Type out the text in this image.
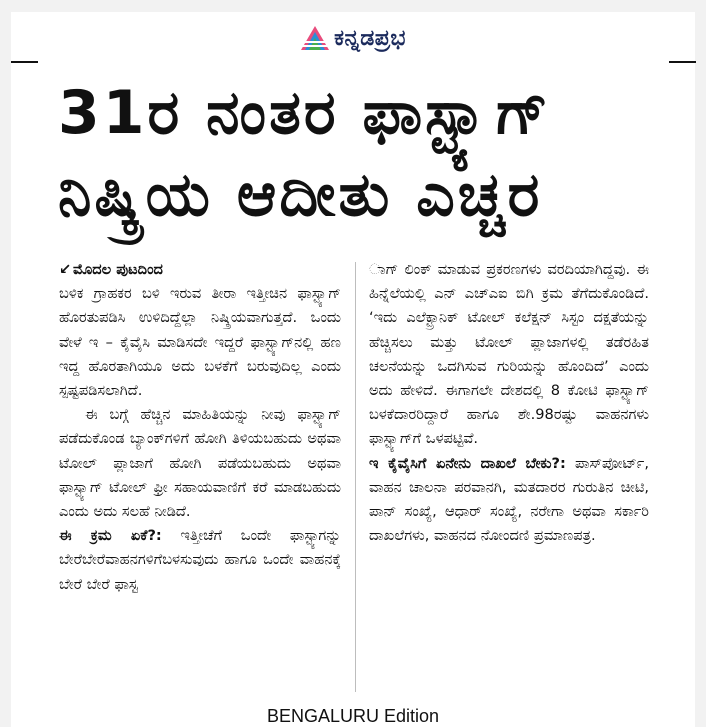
ಕನ್ನಡಪ್ರಭ
31ರ ನಂತರ ಫಾಸ್ಟ್ಯಾಗ್
ನಿಷ್ಕ್ರಿಯ ಆದೀತು ಎಚ್ಚರ

↙ ಮೊದಲ ಪುಟದಿಂದ

ಬಳಿಕ ಗ್ರಾಹಕರ ಬಳಿ ಇರುವ ತೀರಾ ಇತ್ತೀಚಿನ ಫಾಸ್ಟ್ಯಾಗ್ ಹೊರತುಪಡಿಸಿ ಉಳಿದಿದ್ದೆಲ್ಲಾ ನಿಷ್ಕ್ರಿಯವಾಗುತ್ತದೆ. ಒಂದು ವೇಳೆ ಇ – ಕೈವೈಸಿ ಮಾಡಿಸದೇ ಇದ್ದರೆ ಫಾಸ್ಟ್ಯಾಗ್‌ನಲ್ಲಿ ಹಣ ಇದ್ದ ಹೊರತಾಗಿಯೂ ಅದು ಬಳಕೆಗೆ ಬರುವುದಿಲ್ಲ ಎಂದು ಸ್ಪಷ್ಟಪಡಿಸಲಾಗಿದೆ.

ಈ ಬಗ್ಗೆ ಹೆಚ್ಚಿನ ಮಾಹಿತಿಯನ್ನು ನೀವು ಫಾಸ್ಟ್ಯಾಗ್ ಪಡೆದುಕೊಂಡ ಬ್ಯಾಂಕ್‌ಗಳಿಗೆ ಹೋಗಿ ತಿಳಿಯಬಹುದು ಅಥವಾ ಟೋಲ್ ಪ್ಲಾಜಾಗೆ ಹೋಗಿ ಪಡೆಯಬಹುದು ಅಥವಾ ಫಾಸ್ಟ್ಯಾಗ್ ಟೋಲ್ ಫ್ರೀ ಸಹಾಯವಾಣಿಗೆ ಕರೆ ಮಾಡಬಹುದು ಎಂದು ಅದು ಸಲಹೆ ನೀಡಿದೆ.

ಈ ಕ್ರಮ ಏಕೆ?: ಇತ್ತೀಚೆಗೆ ಒಂದೇ ಫಾಸ್ಟ್ಯಾಗನ್ನು ಬೇರೆಬೇರೆವಾಹನಗಳಿಗೆಬಳಸುವುದು ಹಾಗೂ ಒಂದೇ ವಾಹನಕ್ಕೆ ಬೇರೆ ಬೇರೆ ಫಾಸ್ಟ

ಾಗ್ ಲಿಂಕ್ ಮಾಡುವ ಪ್ರಕರಣಗಳು ವರದಿಯಾಗಿದ್ದವು. ಈ ಹಿನ್ನೆಲೆಯಲ್ಲಿ ಎನ್ ಎಚ್ಎಐ ಬಿಗಿ ಕ್ರಮ ತೆಗೆದುಕೊಂಡಿದೆ. ‘ಇದು ಎಲೆಕ್ಟ್ರಾನಿಕ್ ಟೋಲ್ ಕಲೆಕ್ಷನ್ ಸಿಸ್ಟಂ ದಕ್ಷತೆಯನ್ನು ಹೆಚ್ಚಿಸಲು ಮತ್ತು ಟೋಲ್ ಪ್ಲಾಜಾಗಳಲ್ಲಿ ತಡೆರಹಿತ ಚಲನೆಯನ್ನು ಒದಗಿಸುವ ಗುರಿಯನ್ನು ಹೊಂದಿದೆ’ ಎಂದು ಅದು ಹೇಳಿದೆ. ಈಗಾಗಲೇ ದೇಶದಲ್ಲಿ 8 ಕೋಟಿ ಫಾಸ್ಟ್ಯಾಗ್ ಬಳಕೆದಾರರಿದ್ದಾರೆ ಹಾಗೂ ಶೇ.98ರಷ್ಟು ವಾಹನಗಳು ಫಾಸ್ಟ್ಯಾಗ್‌ಗೆ ಒಳಪಟ್ಟಿವೆ.

ಇ ಕೈವೈಸಿಗೆ ಏನೇನು ದಾಖಲೆ ಬೇಕು?: ಪಾಸ್‌ಪೋರ್ಟ್, ವಾಹನ ಚಾಲನಾ ಪರವಾನಗಿ, ಮತದಾರರ ಗುರುತಿನ ಚೀಟಿ, ಪಾನ್ ಸಂಖ್ಯೆ, ಆಧಾರ್ ಸಂಖ್ಯೆ, ನರೇಗಾ ಅಥವಾ ಸರ್ಕಾರಿ ದಾಖಲೆಗಳು, ವಾಹನದ ನೋಂದಣಿ ಪ್ರಮಾಣಪತ್ರ.

BENGALURU Edition
